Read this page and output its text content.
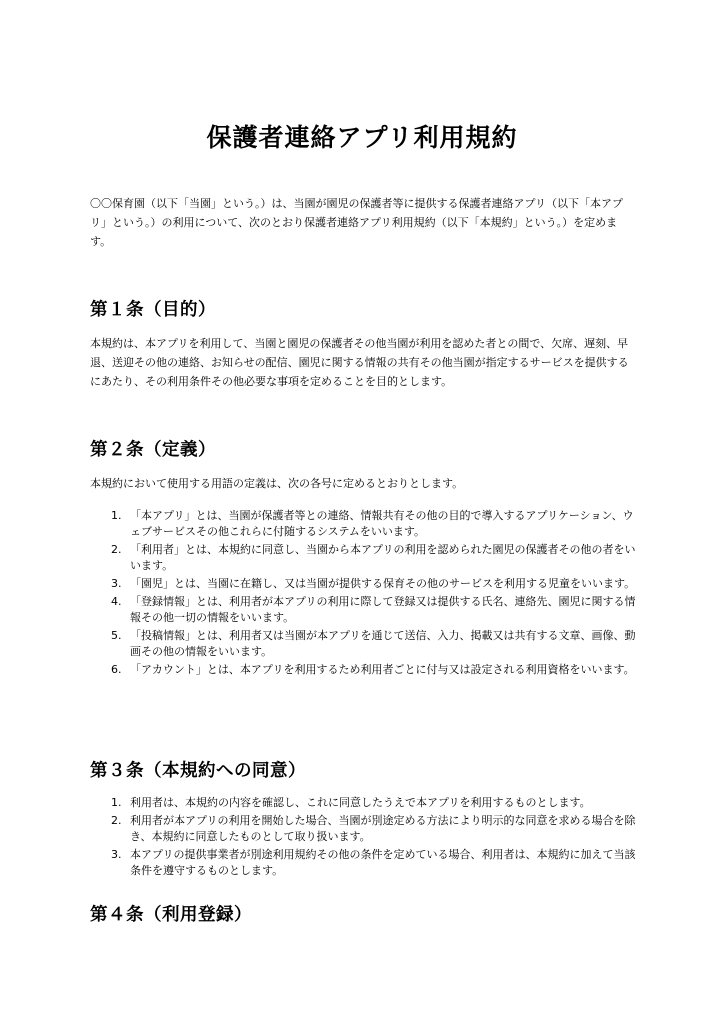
保護者連絡アプリ利用規約

〇〇保育園（以下「当園」という。）は、当園が園児の保護者等に提供する保護者連絡アプリ（以下「本アプリ」という。）の利用について、次のとおり保護者連絡アプリ利用規約（以下「本規約」という。）を定めます。

第１条（目的）

本規約は、本アプリを利用して、当園と園児の保護者その他当園が利用を認めた者との間で、欠席、遅刻、早退、送迎その他の連絡、お知らせの配信、園児に関する情報の共有その他当園が指定するサービスを提供するにあたり、その利用条件その他必要な事項を定めることを目的とします。

第２条（定義）

本規約において使用する用語の定義は、次の各号に定めるとおりとします。

1. 「本アプリ」とは、当園が保護者等との連絡、情報共有その他の目的で導入するアプリケーション、ウェブサービスその他これらに付随するシステムをいいます。
2. 「利用者」とは、本規約に同意し、当園から本アプリの利用を認められた園児の保護者その他の者をいいます。
3. 「園児」とは、当園に在籍し、又は当園が提供する保育その他のサービスを利用する児童をいいます。
4. 「登録情報」とは、利用者が本アプリの利用に際して登録又は提供する氏名、連絡先、園児に関する情報その他一切の情報をいいます。
5. 「投稿情報」とは、利用者又は当園が本アプリを通じて送信、入力、掲載又は共有する文章、画像、動画その他の情報をいいます。
6. 「アカウント」とは、本アプリを利用するため利用者ごとに付与又は設定される利用資格をいいます。
第３条（本規約への同意）
1. 利用者は、本規約の内容を確認し、これに同意したうえで本アプリを利用するものとします。
2. 利用者が本アプリの利用を開始した場合、当園が別途定める方法により明示的な同意を求める場合を除き、本規約に同意したものとして取り扱います。
3. 本アプリの提供事業者が別途利用規約その他の条件を定めている場合、利用者は、本規約に加えて当該条件を遵守するものとします。
第４条（利用登録）
